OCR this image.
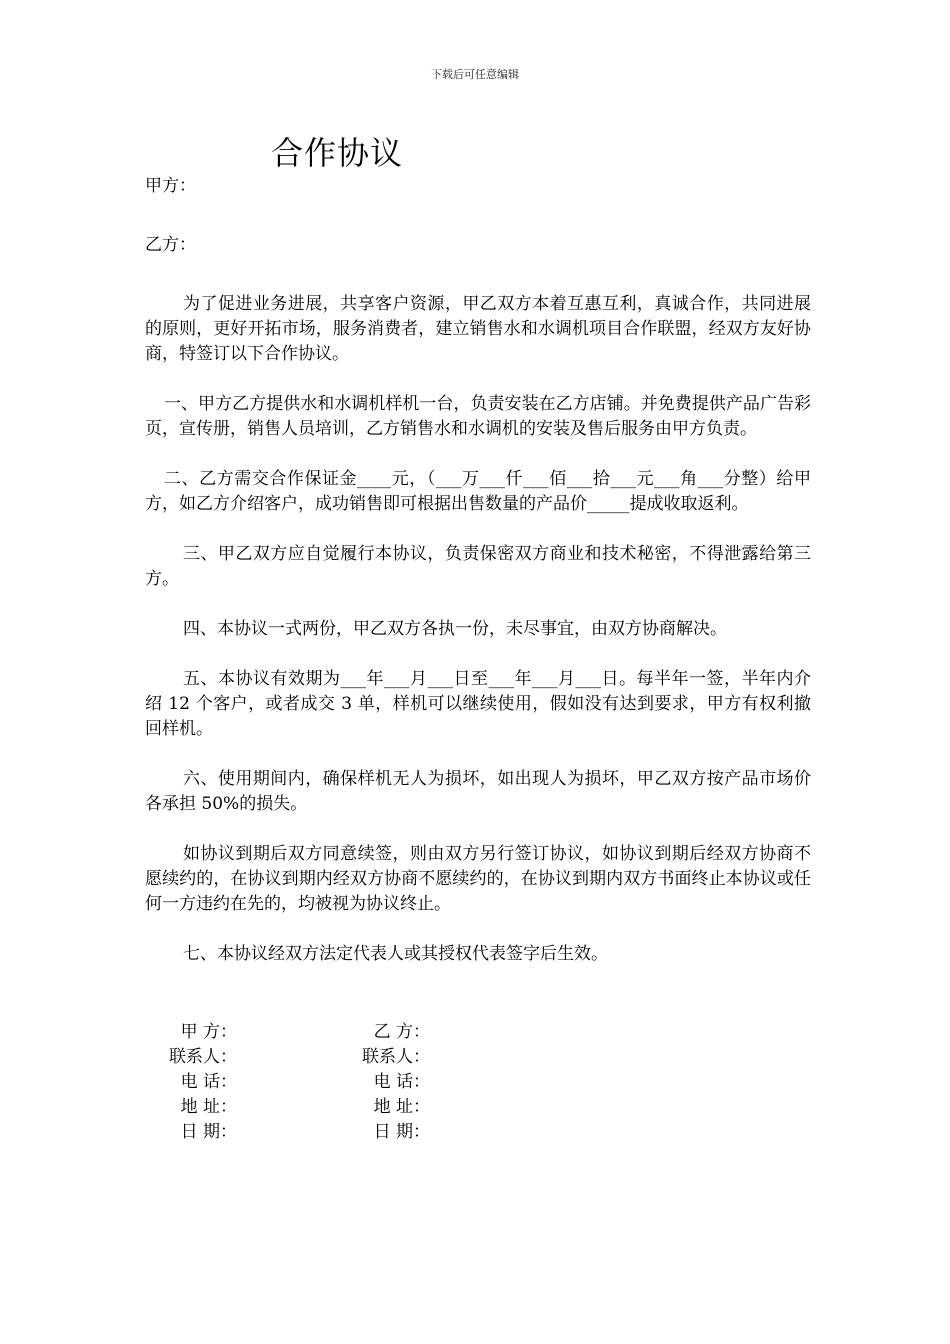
下载后可任意编辑
合作协议

甲方：

乙方：

为了促进业务进展，共享客户资源，甲乙双方本着互惠互利，真诚合作，共同进展的原则，更好开拓市场，服务消费者，建立销售水和水调机项目合作联盟，经双方友好协商，特签订以下合作协议。

一、甲方乙方提供水和水调机样机一台，负责安装在乙方店铺。并免费提供产品广告彩页，宣传册，销售人员培训，乙方销售水和水调机的安装及售后服务由甲方负责。

二、乙方需交合作保证金____元，（___万___仟___佰___拾___元___角___分整）给甲方，如乙方介绍客户，成功销售即可根据出售数量的产品价_____提成收取返利。

三、甲乙双方应自觉履行本协议，负责保密双方商业和技术秘密，不得泄露给第三方。

四、本协议一式两份，甲乙双方各执一份，未尽事宜，由双方协商解决。

五、本协议有效期为___年___月___日至___年___月___日。每半年一签，半年内介绍 12 个客户，或者成交 3 单，样机可以继续使用，假如没有达到要求，甲方有权利撤回样机。

六、使用期间内，确保样机无人为损坏，如出现人为损坏，甲乙双方按产品市场价各承担 50%的损失。

如协议到期后双方同意续签，则由双方另行签订协议，如协议到期后经双方协商不愿续约的，在协议到期内经双方协商不愿续约的，在协议到期内双方书面终止本协议或任何一方违约在先的，均被视为协议终止。

七、本协议经双方法定代表人或其授权代表签字后生效。

甲 方：	乙 方：
联系人：	联系人：
电 话：	电 话：
地 址：	地 址：
日 期：	日 期：
